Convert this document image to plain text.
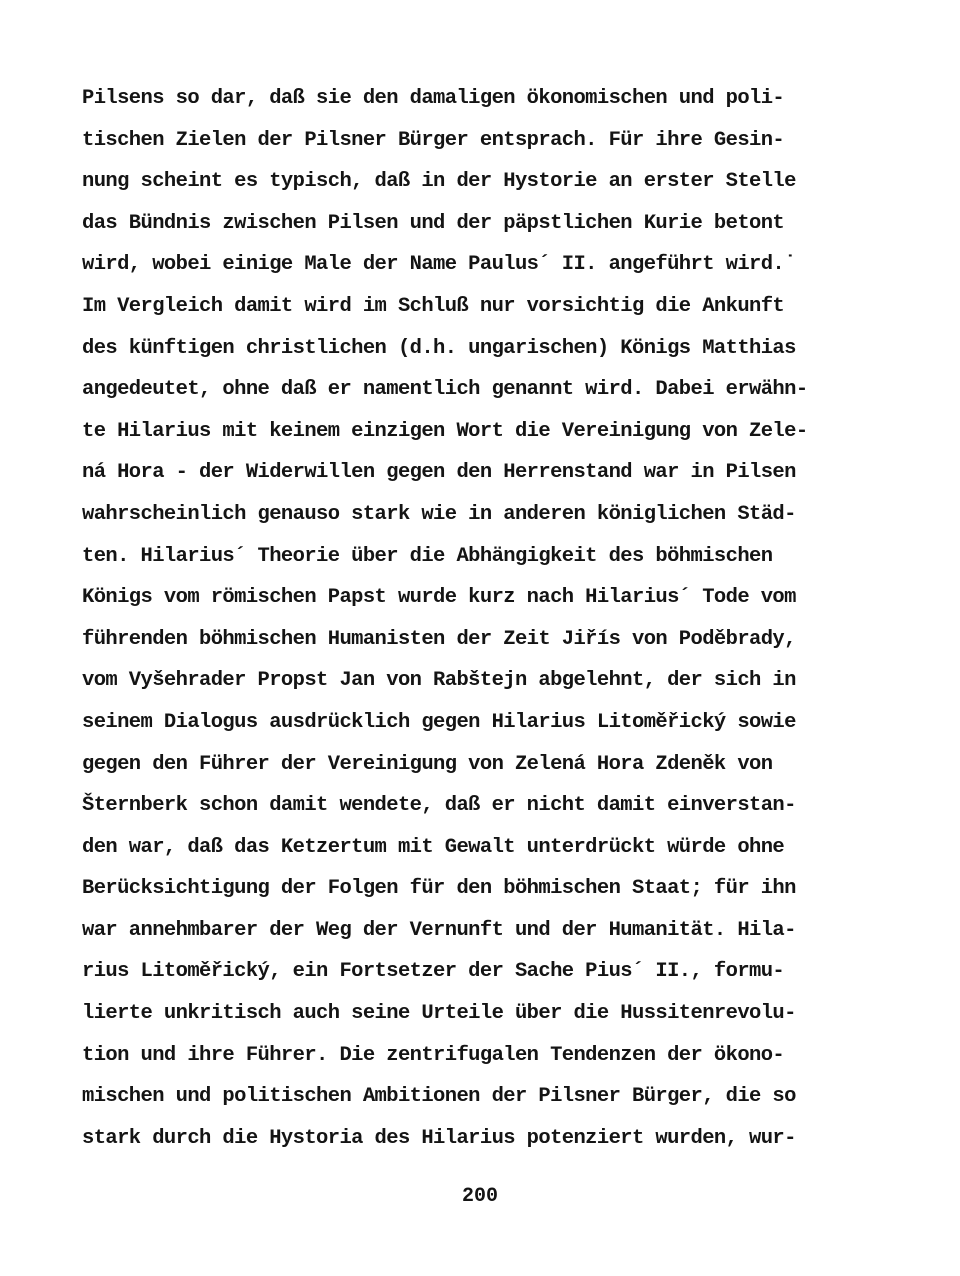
Pilsens so dar, daß sie den damaligen ökonomischen und poli-
tischen Zielen der Pilsner Bürger entsprach. Für ihre Gesin-
nung scheint es typisch, daß in der Hystorie an erster Stelle
das Bündnis zwischen Pilsen und der päpstlichen Kurie betont
wird, wobei einige Male der Name Paulus´ II. angeführt wird.˙
Im Vergleich damit wird im Schluß nur vorsichtig die Ankunft
des künftigen christlichen (d.h. ungarischen) Königs Matthias
angedeutet, ohne daß er namentlich genannt wird. Dabei erwähn-
te Hilarius mit keinem einzigen Wort die Vereinigung von Zele-
ná Hora - der Widerwillen gegen den Herrenstand war in Pilsen
wahrscheinlich genauso stark wie in anderen königlichen Städ-
ten. Hilarius´ Theorie über die Abhängigkeit des böhmischen
Königs vom römischen Papst wurde kurz nach Hilarius´ Tode vom
führenden böhmischen Humanisten der Zeit Jiřís von Poděbrady,
vom Vyšehrader Propst Jan von Rabštejn abgelehnt, der sich in
seinem Dialogus ausdrücklich gegen Hilarius Litoměřický sowie
gegen den Führer der Vereinigung von Zelená Hora Zdeněk von
Šternberk schon damit wendete, daß er nicht damit einverstan-
den war, daß das Ketzertum mit Gewalt unterdrückt würde ohne
Berücksichtigung der Folgen für den böhmischen Staat; für ihn
war annehmbarer der Weg der Vernunft und der Humanität. Hila-
rius Litoměřický, ein Fortsetzer der Sache Pius´ II., formu-
lierte unkritisch auch seine Urteile über die Hussitenrevolu-
tion und ihre Führer. Die zentrifugalen Tendenzen der ökono-
mischen und politischen Ambitionen der Pilsner Bürger, die so
stark durch die Hystoria des Hilarius potenziert wurden, wur-
200
